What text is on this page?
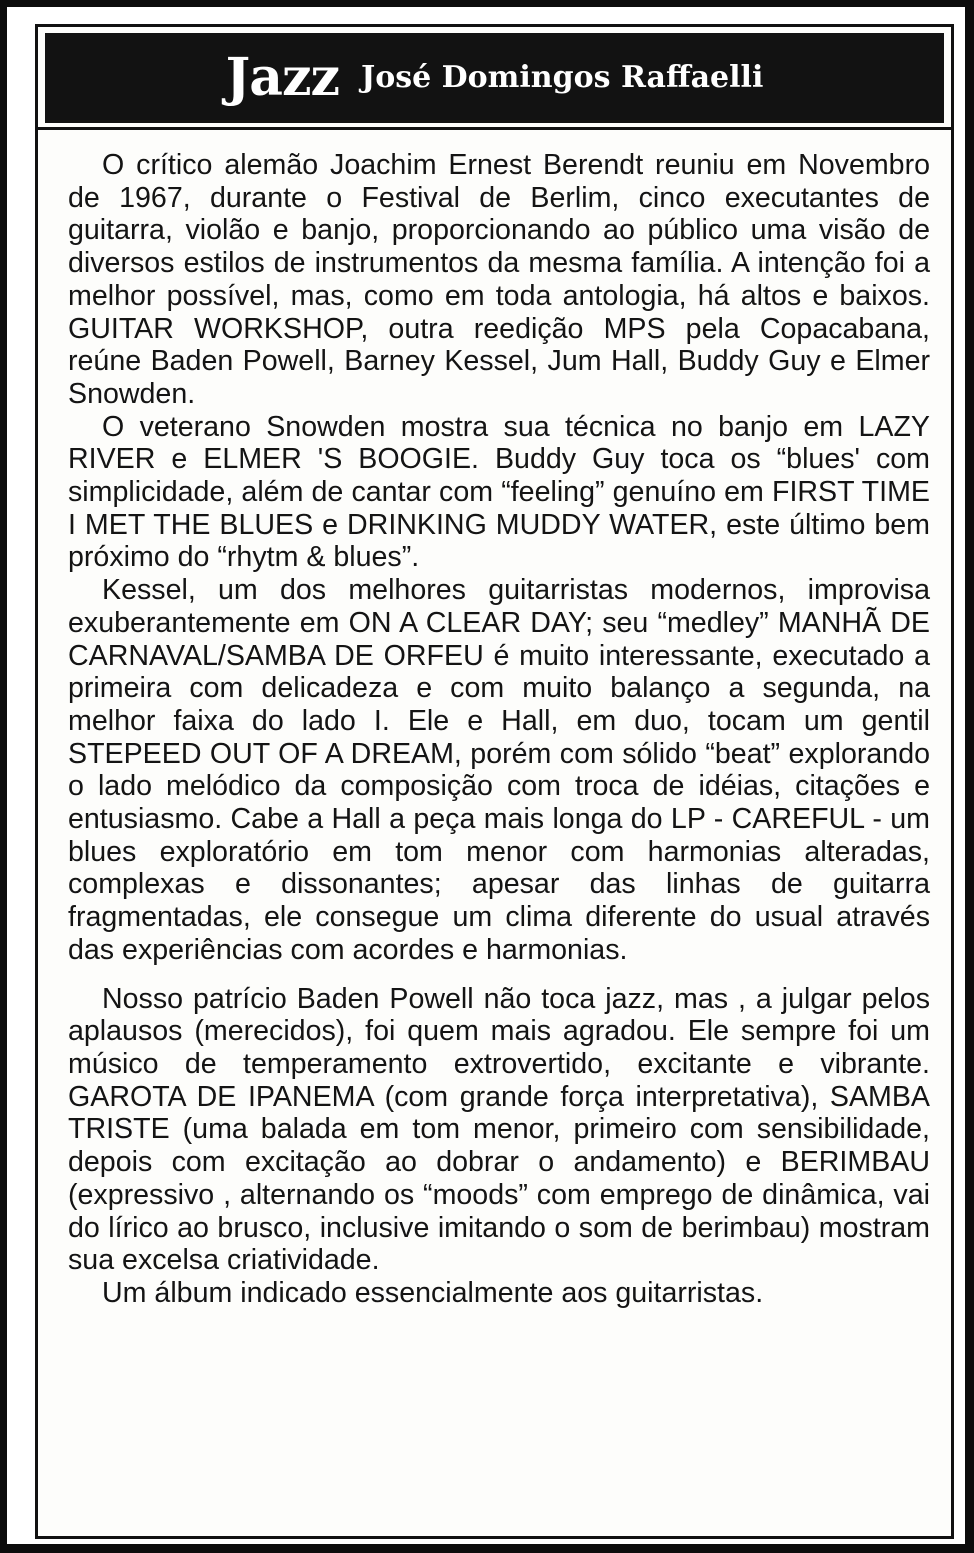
Jazz José Domingos Raffaelli

O crítico alemão Joachim Ernest Berendt reuniu em Novembro de 1967, durante o Festival de Berlim, cinco executantes de guitarra, violão e banjo, proporcionando ao público uma visão de diversos estilos de instrumentos da mesma família. A intenção foi a melhor possível, mas, como em toda antologia, há altos e baixos. GUITAR WORKSHOP, outra reedição MPS pela Copacabana, reúne Baden Powell, Barney Kessel, Jum Hall, Buddy Guy e Elmer Snowden.

O veterano Snowden mostra sua técnica no banjo em LAZY RIVER e ELMER 'S BOOGIE. Buddy Guy toca os “blues' com simplicidade, além de cantar com “feeling” genuíno em FIRST TIME I MET THE BLUES e DRINKING MUDDY WATER, este último bem próximo do “rhytm & blues”.

Kessel, um dos melhores guitarristas modernos, improvisa exuberantemente em ON A CLEAR DAY; seu “medley” MANHÃ DE CARNAVAL/SAMBA DE ORFEU é muito interessante, executado a primeira com delicadeza e com muito balanço a segunda, na melhor faixa do lado I. Ele e Hall, em duo, tocam um gentil STEPEED OUT OF A DREAM, porém com sólido “beat” explorando o lado melódico da composição com troca de idéias, citações e entusiasmo. Cabe a Hall a peça mais longa do LP - CAREFUL - um blues exploratório em tom menor com harmonias alteradas, complexas e dissonantes; apesar das linhas de guitarra fragmentadas, ele consegue um clima diferente do usual através das experiências com acordes e harmonias.

Nosso patrício Baden Powell não toca jazz, mas , a julgar pelos aplausos (merecidos), foi quem mais agradou. Ele sempre foi um músico de temperamento extrovertido, excitante e vibrante. GAROTA DE IPANEMA (com grande força interpretativa), SAMBA TRISTE (uma balada em tom menor, primeiro com sensibilidade, depois com excitação ao dobrar o andamento) e BERIMBAU (expressivo , alternando os “moods” com emprego de dinâmica, vai do lírico ao brusco, inclusive imitando o som de berimbau) mostram sua excelsa criatividade.

Um álbum indicado essencialmente aos guitarristas.
